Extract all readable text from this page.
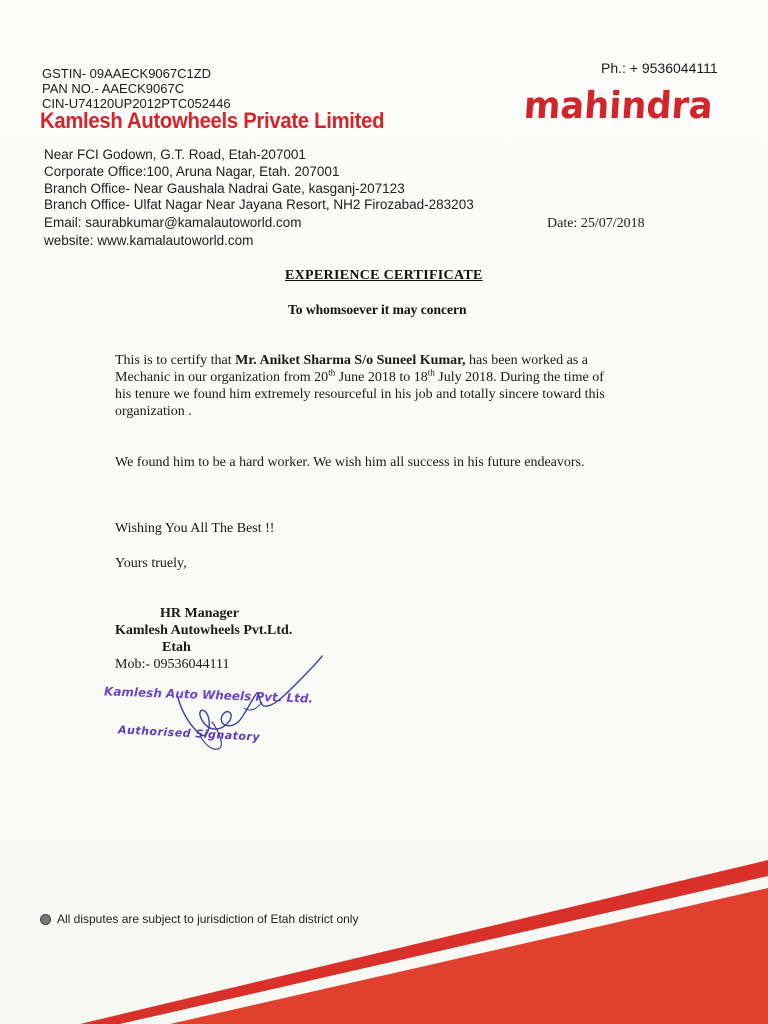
GSTIN- 09AAECK9067C1ZD
PAN NO.- AAECK9067C
CIN-U74120UP2012PTC052446
Kamlesh Autowheels Private Limited
Near FCI Godown, G.T. Road, Etah-207001
Corporate Office:100, Aruna Nagar, Etah. 207001
Branch Office- Near Gaushala Nadrai Gate, kasganj-207123
Branch Office- Ulfat Nagar Near Jayana Resort, NH2 Firozabad-283203
Email: saurabkumar@kamalautoworld.com
website: www.kamalautoworld.com
Ph.: + 9536044111
mahindra
Date: 25/07/2018
EXPERIENCE CERTIFICATE
To whomsoever it may concern
This is to certify that Mr. Aniket Sharma S/o Suneel Kumar, has been worked as a
Mechanic in our organization from 20th June 2018 to 18th July 2018. During the time of
his tenure we found him extremely resourceful in his job and totally sincere toward this
organization .
We found him to be a hard worker. We wish him all success in his future endeavors.
Wishing You All The Best !!
Yours truely,
HR Manager
Kamlesh Autowheels Pvt.Ltd.
Etah
Mob:- 09536044111
Kamlesh Auto Wheels Pvt. Ltd.
Authorised Signatory
All disputes are subject to jurisdiction of Etah district only
